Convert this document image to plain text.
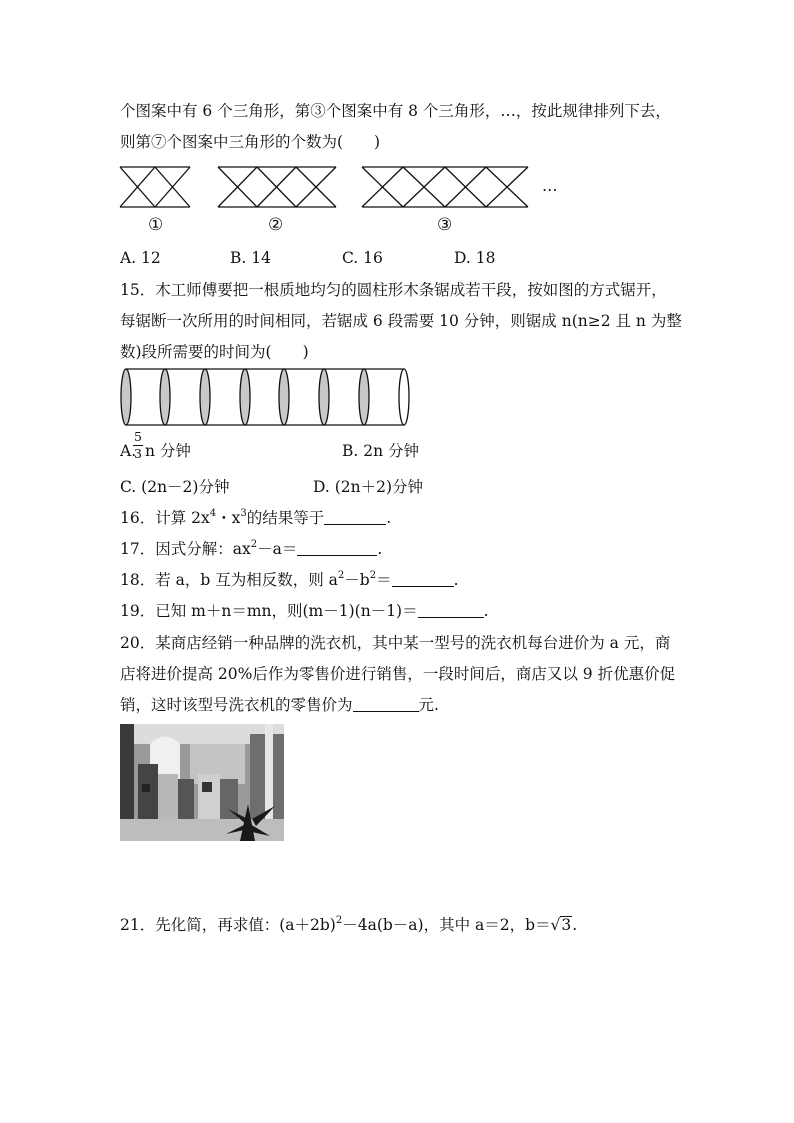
个图案中有 6 个三角形，第③个图案中有 8 个三角形，…，按此规律排列下去，
则第⑦个图案中三角形的个数为(　　)
…
①	②	③
A. 12	B. 14	C. 16	D. 18
15．木工师傅要把一根质地均匀的圆柱形木条锯成若干段，按如图的方式锯开，
每锯断一次所用的时间相同，若锯成 6 段需要 10 分钟，则锯成 n(n≥2 且 n 为整
数)段所需要的时间为(　　)
A.
5
3 n 分钟	B. 2n 分钟
C. (2n－2)分钟	D. (2n＋2)分钟
16．计算 $2x^4$・$x^3$的结果等于	.
17．因式分解：$ax^2-a=$	.
18．若 a，b 互为相反数，则 $a^2-b^2=$	.
19．已知 m＋n＝mn，则(m－1)(n－1)＝	.
20．某商店经销一种品牌的洗衣机，其中某一型号的洗衣机每台进价为 a 元，商
店将进价提高 20%后作为零售价进行销售，一段时间后，商店又以 9 折优惠价促
销，这时该型号洗衣机的零售价为	元.
21．先化简，再求值：$(a+2b)^2-4a(b-a)$，其中 a＝2，b＝√3.
